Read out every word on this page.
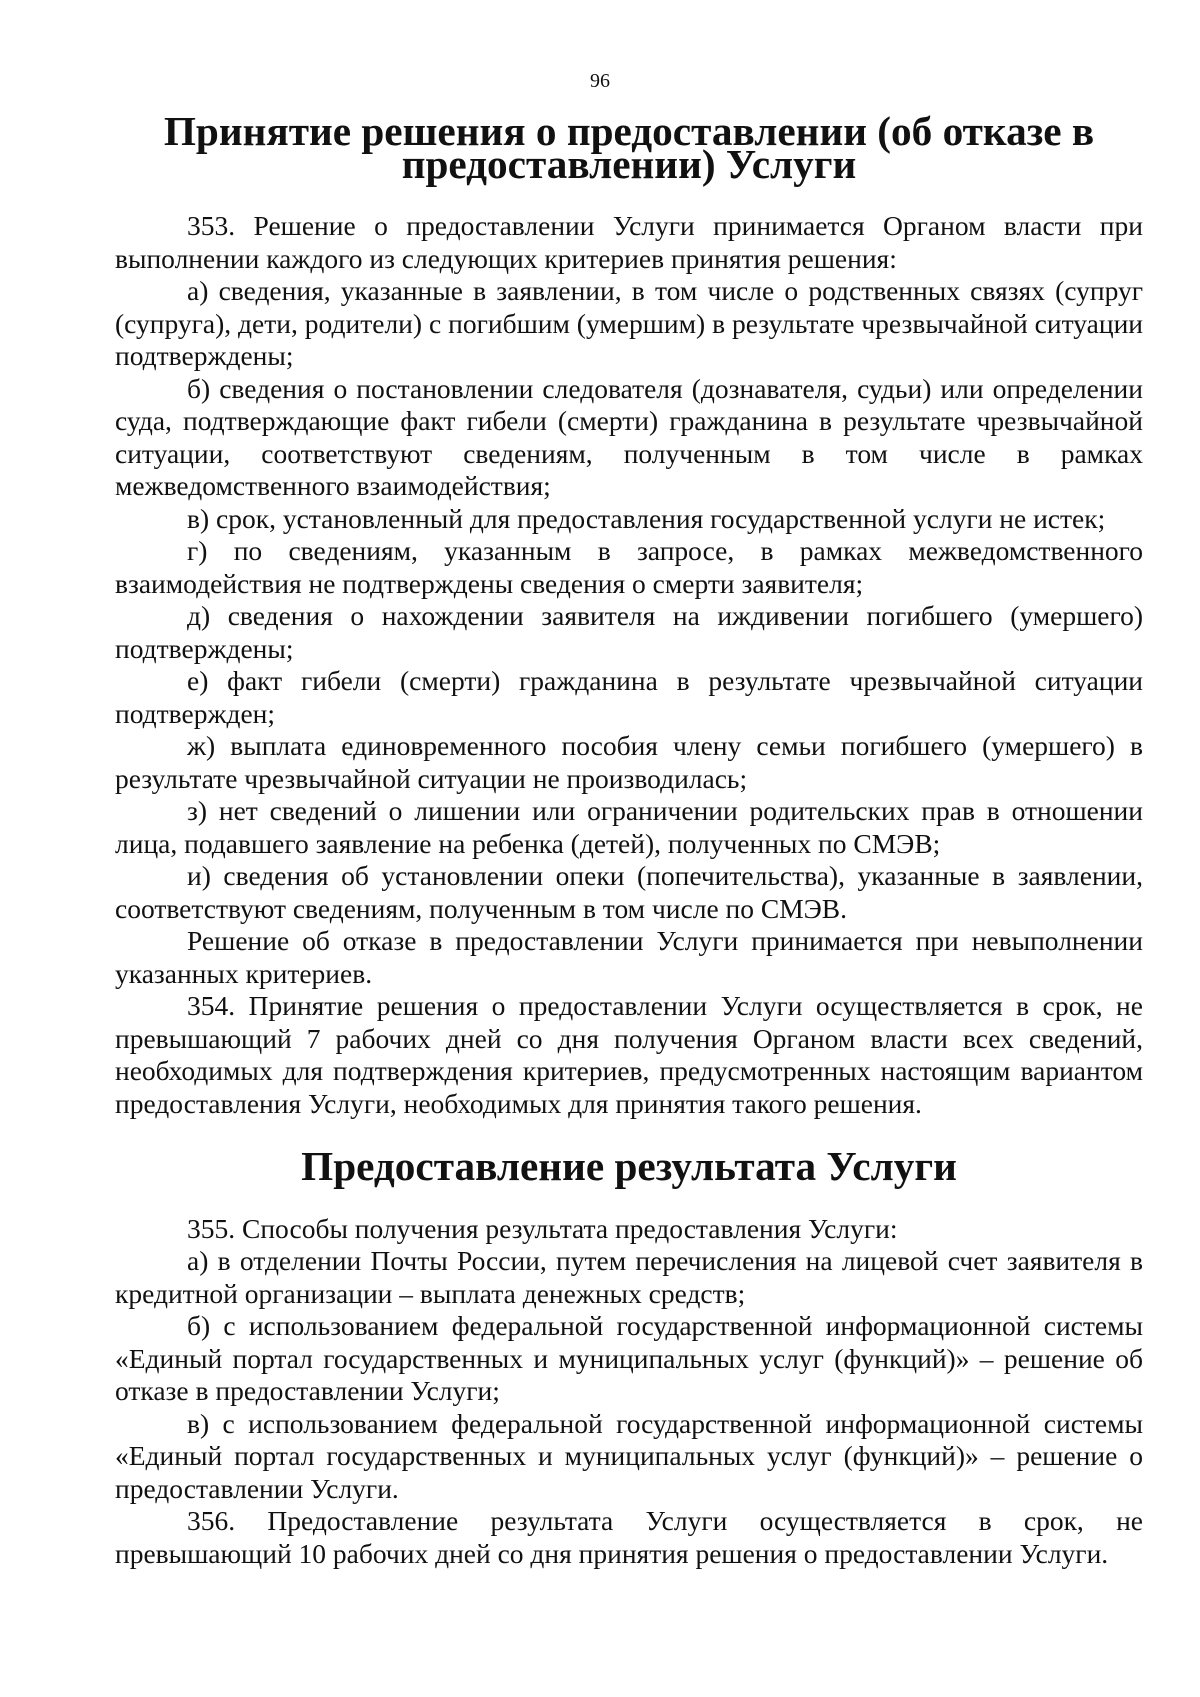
96
Принятие решения о предоставлении (об отказе в предоставлении) Услуги

353. Решение о предоставлении Услуги принимается Органом власти при выполнении каждого из следующих критериев принятия решения:

а) сведения, указанные в заявлении, в том числе о родственных связях (супруг (супруга), дети, родители) с погибшим (умершим) в результате чрезвычайной ситуации подтверждены;

б) сведения о постановлении следователя (дознавателя, судьи) или определении суда, подтверждающие факт гибели (смерти) гражданина в результате чрезвычайной ситуации, соответствуют сведениям, полученным в том числе в рамках межведомственного взаимодействия;

в) срок, установленный для предоставления государственной услуги не истек;

г) по сведениям, указанным в запросе, в рамках межведомственного взаимодействия не подтверждены сведения о смерти заявителя;

д) сведения о нахождении заявителя на иждивении погибшего (умершего) подтверждены;

е) факт гибели (смерти) гражданина в результате чрезвычайной ситуации подтвержден;

ж) выплата единовременного пособия члену семьи погибшего (умершего) в результате чрезвычайной ситуации не производилась;

з) нет сведений о лишении или ограничении родительских прав в отношении лица, подавшего заявление на ребенка (детей), полученных по СМЭВ;

и) сведения об установлении опеки (попечительства), указанные в заявлении, соответствуют сведениям, полученным в том числе по СМЭВ.

Решение об отказе в предоставлении Услуги принимается при невыполнении указанных критериев.

354. Принятие решения о предоставлении Услуги осуществляется в срок, не превышающий 7 рабочих дней со дня получения Органом власти всех сведений, необходимых для подтверждения критериев, предусмотренных настоящим вариантом предоставления Услуги, необходимых для принятия такого решения.

Предоставление результата Услуги

355. Способы получения результата предоставления Услуги:

а) в отделении Почты России, путем перечисления на лицевой счет заявителя в кредитной организации – выплата денежных средств;

б) с использованием федеральной государственной информационной системы «Единый портал государственных и муниципальных услуг (функций)» – решение об отказе в предоставлении Услуги;

в) с использованием федеральной государственной информационной системы «Единый портал государственных и муниципальных услуг (функций)» – решение о предоставлении Услуги.

356. Предоставление результата Услуги осуществляется в срок, не превышающий 10 рабочих дней со дня принятия решения о предоставлении Услуги.
